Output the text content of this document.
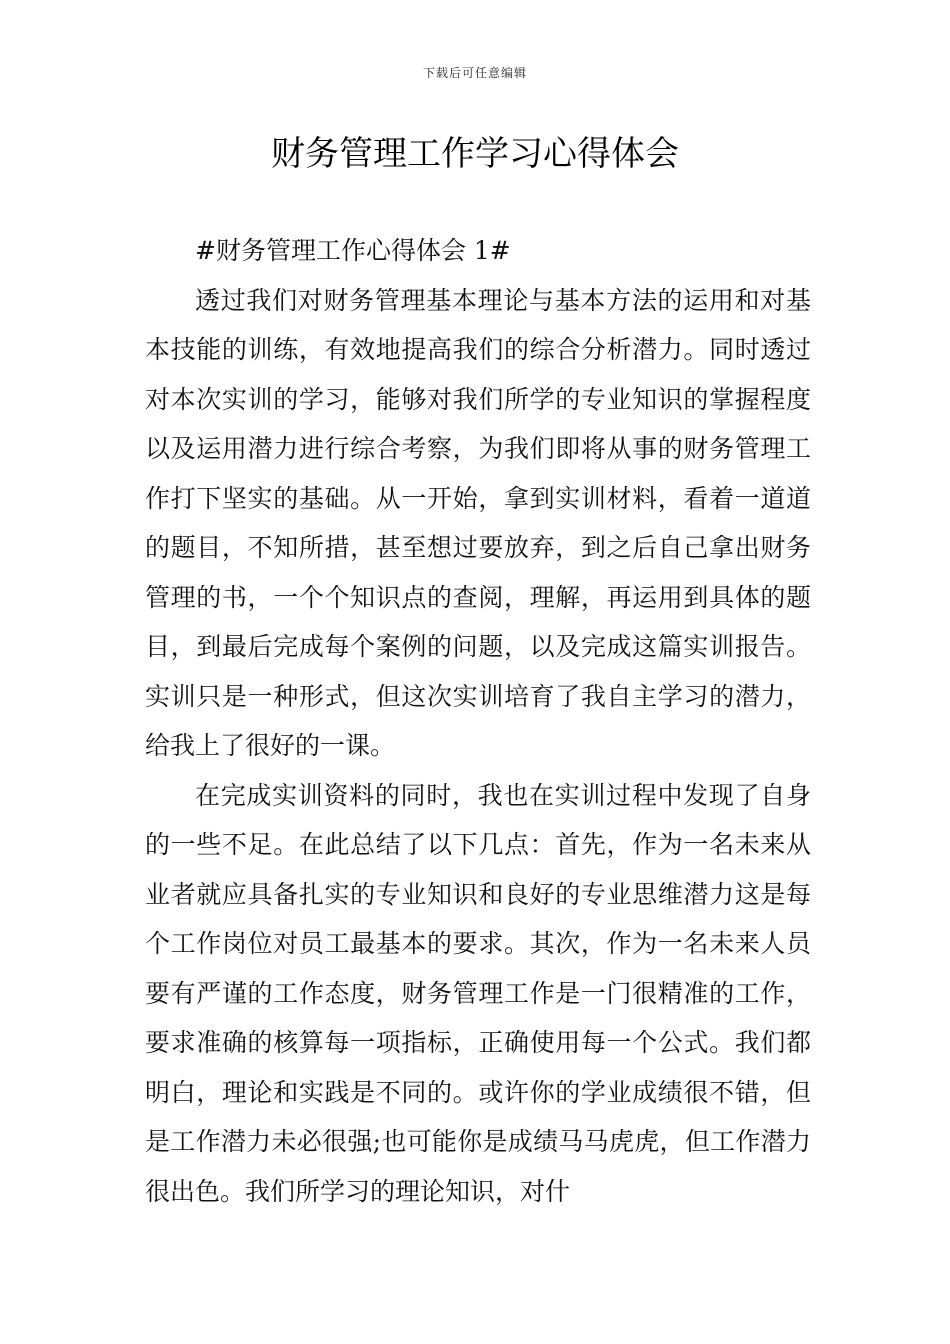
下载后可任意编辑
财务管理工作学习心得体会

#财务管理工作心得体会 1#

透过我们对财务管理基本理论与基本方法的运用和对基本技能的训练，有效地提高我们的综合分析潜力。同时透过对本次实训的学习，能够对我们所学的专业知识的掌握程度以及运用潜力进行综合考察，为我们即将从事的财务管理工作打下坚实的基础。从一开始，拿到实训材料，看着一道道的题目，不知所措，甚至想过要放弃，到之后自己拿出财务管理的书，一个个知识点的查阅，理解，再运用到具体的题目，到最后完成每个案例的问题，以及完成这篇实训报告。实训只是一种形式，但这次实训培育了我自主学习的潜力，给我上了很好的一课。

在完成实训资料的同时，我也在实训过程中发现了自身的一些不足。在此总结了以下几点：首先，作为一名未来从业者就应具备扎实的专业知识和良好的专业思维潜力这是每个工作岗位对员工最基本的要求。其次，作为一名未来人员要有严谨的工作态度，财务管理工作是一门很精准的工作，要求准确的核算每一项指标，正确使用每一个公式。我们都明白，理论和实践是不同的。或许你的学业成绩很不错，但是工作潜力未必很强;也可能你是成绩马马虎虎，但工作潜力很出色。我们所学习的理论知识，对什
